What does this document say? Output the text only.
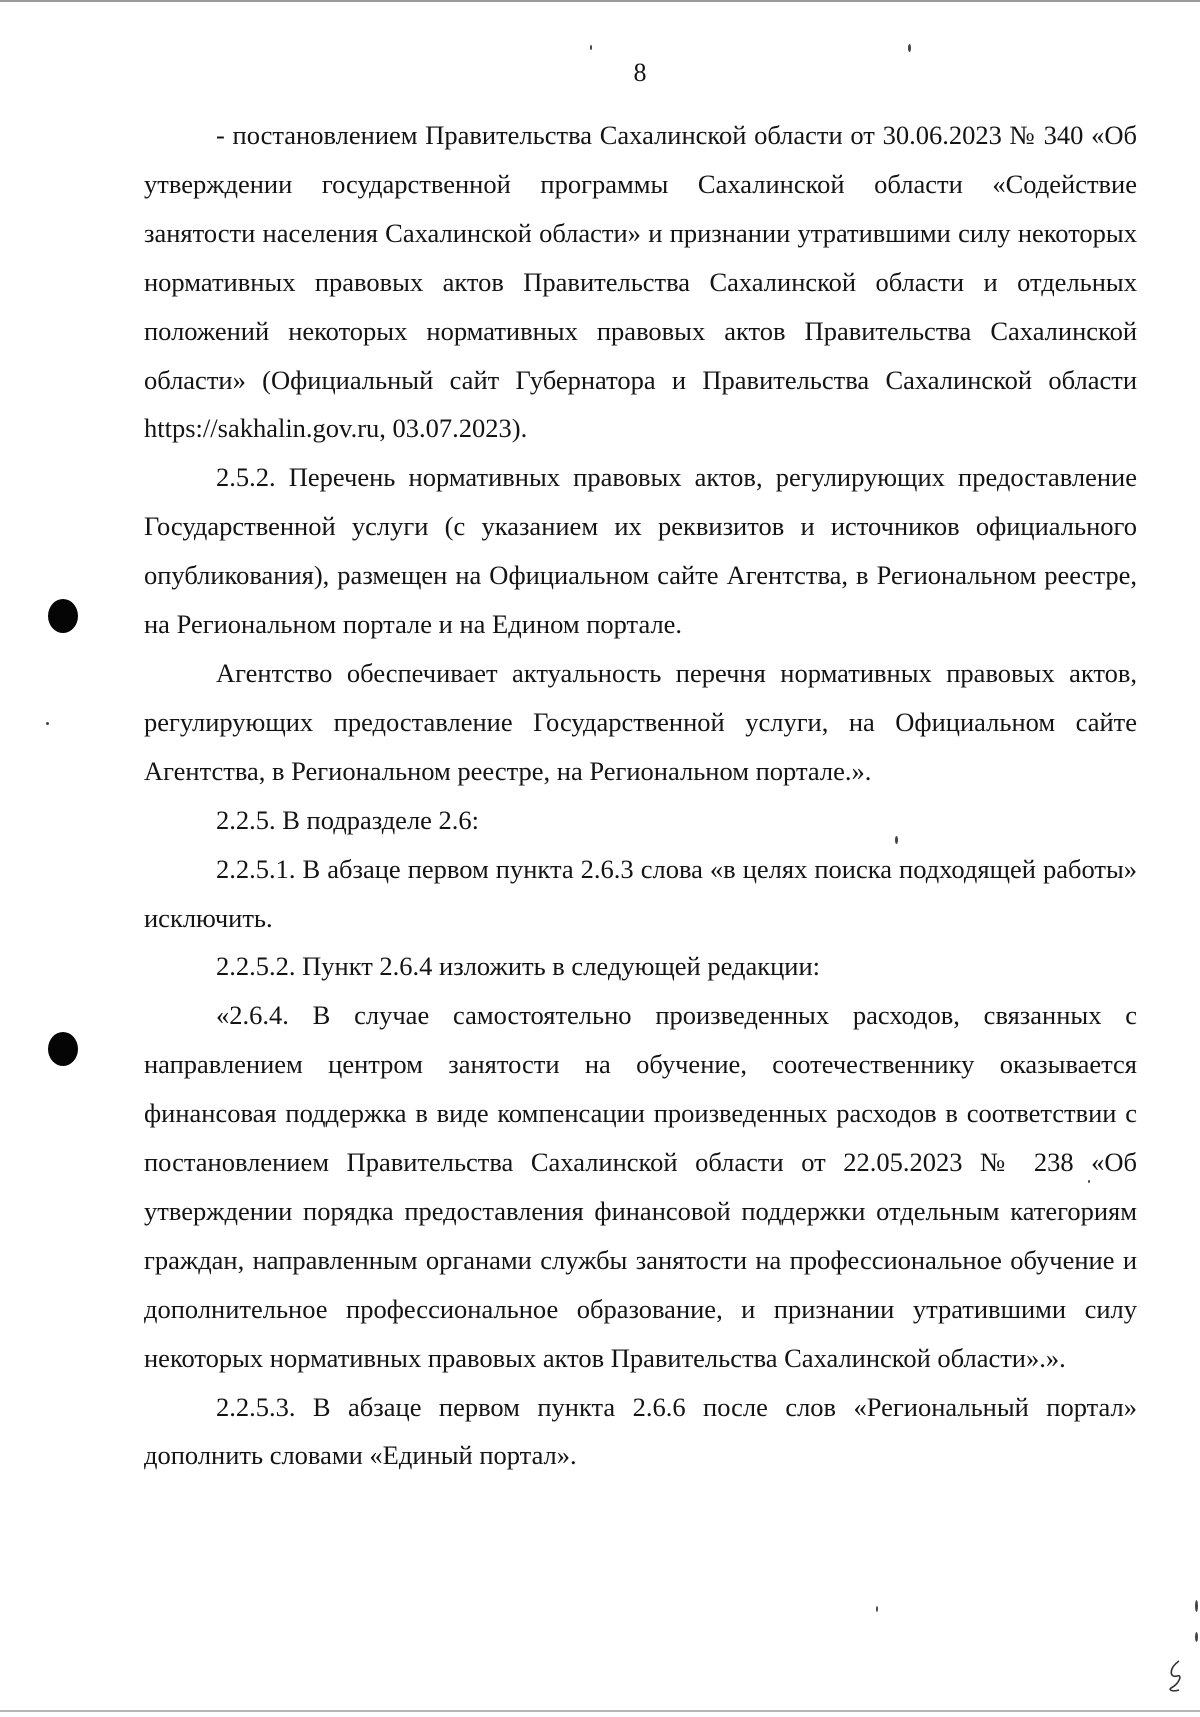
8

- постановлением Правительства Сахалинской области от 30.06.2023 № 340 «Об утверждении государственной программы Сахалинской области «Содействие занятости населения Сахалинской области» и признании утратившими силу некоторых нормативных правовых актов Правительства Сахалинской области и отдельных положений некоторых нормативных правовых актов Правительства Сахалинской области» (Официальный сайт Губернатора и Правительства Сахалинской области https://sakhalin.gov.ru, 03.07.2023).

2.5.2. Перечень нормативных правовых актов, регулирующих предоставление Государственной услуги (с указанием их реквизитов и источников официального опубликования), размещен на Официальном сайте Агентства, в Региональном реестре, на Региональном портале и на Едином портале.

Агентство обеспечивает актуальность перечня нормативных правовых актов, регулирующих предоставление Государственной услуги, на Официальном сайте Агентства, в Региональном реестре, на Региональном портале.».

2.2.5. В подразделе 2.6:

2.2.5.1. В абзаце первом пункта 2.6.3 слова «в целях поиска подходящей работы» исключить.

2.2.5.2. Пункт 2.6.4 изложить в следующей редакции:

«2.6.4. В случае самостоятельно произведенных расходов, связанных с направлением центром занятости на обучение, соотечественнику оказывается финансовая поддержка в виде компенсации произведенных расходов в соответствии с постановлением Правительства Сахалинской области от 22.05.2023 № 238 «Об утверждении порядка предоставления финансовой поддержки отдельным категориям граждан, направленным органами службы занятости на профессиональное обучение и дополнительное профессиональное образование, и признании утратившими силу некоторых нормативных правовых актов Правительства Сахалинской области».».

2.2.5.3. В абзаце первом пункта 2.6.6 после слов «Региональный портал» дополнить словами «Единый портал».
